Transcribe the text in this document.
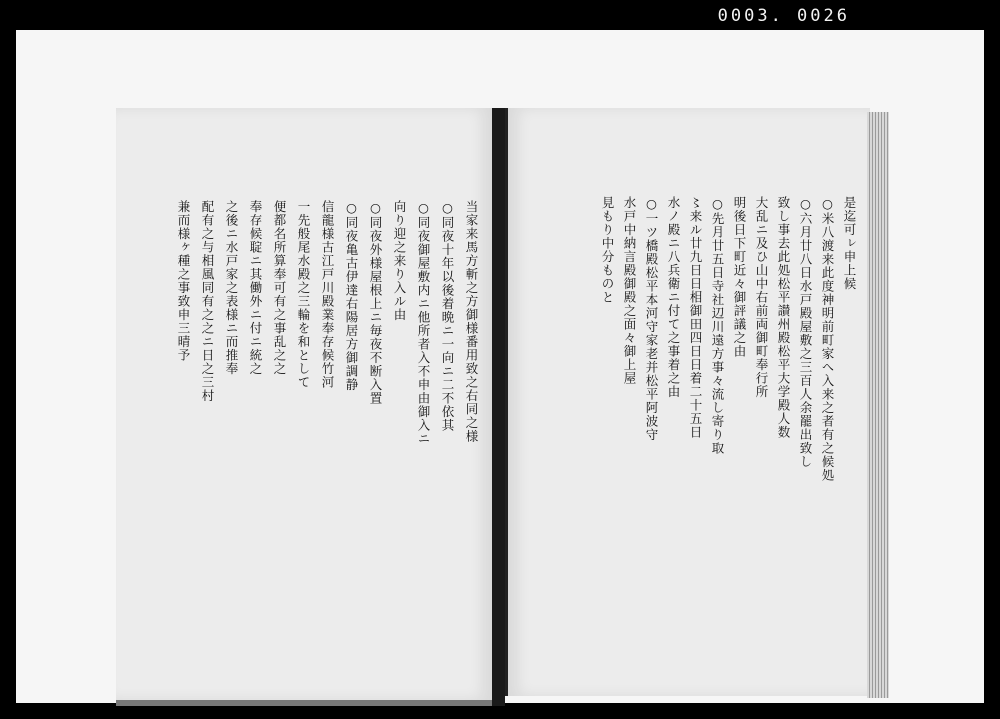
0003. 0026
当家来馬方斬之方御様番用致之右同之様
○同夜十年以後着晩ニ一向ニ二不依其
○同夜御屋敷内ニ他所者入不申由御入ニ
向り迎之来り入ル由
○同夜外様屋根上ニ毎夜不断入置
○同夜亀古伊達右陽居方御調静
信龍様古江戸川殿業奉存候竹河
一先般尾水殿之三輪を和として
便都名所算奉可有之事乱之之
奉存候聢ニ其働外ニ付ニ統之
之後ニ水戸家之表様ニ而推奉
配有之与相風同有之之ニ日之三村
兼而様ヶ種之事致申三晴予	是迄可ㇾ申上候
○米八渡来此度神明前町家へ入来之者有之候処
○六月廿八日水戸殿屋敷之三百人余罷出致し
致し事去此処松平讃州殿松平大学殿人数
大乱ニ及ひ山中右前両御町奉行所
明後日下町近々御評議之由
○先月廿五日寺社辺川遠方事々流し寄り取
〻来ル廿九日日相御田四日日着二十五日
水ノ殿ニ八兵衛ニ付て之事着之由
○一ツ橋殿松平本河守家老并松平阿波守
水戸中納言殿御殿之面々御上屋
見もり中分ものと
